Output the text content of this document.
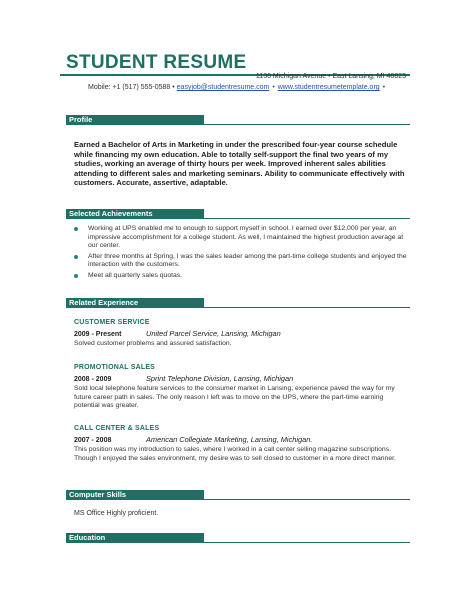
STUDENT RESUME
1136 Michigan Avenue • East Lansing, MI 48823
Mobile: +1 (517) 555-0588 • easyjob@studentresume.com • www.studentresumetemplate.org •
Profile
Earned a Bachelor of Arts in Marketing in under the prescribed four-year course schedule while financing my own education. Able to totally self-support the final two years of my studies, working an average of thirty hours per week. Improved inherent sales abilities attending to different sales and marketing seminars. Ability to communicate effectively with customers. Accurate, assertive, adaptable.
Selected Achievements
Working at UPS enabled me to enough to support myself in school. I earned over $12,000 per year, an impressive accomplishment for a college student. As well, I maintained the highest production average at our center.
After three months at Spring, I was the sales leader among the part-time college students and enjoyed the interaction with the customers.
Meet all quarterly sales quotas.
Related Experience
CUSTOMER SERVICE
2009 - Present	United Parcel Service, Lansing, Michigan
Solved customer problems and assured satisfaction.
PROMOTIONAL SALES
2008 - 2009	Sprint Telephone Division, Lansing, Michigan
Sold local telephone feature services to the consumer market in Lansing, experience paved the way for my future career path in sales. The only reason I left was to move on the UPS, where the part-time earning potential was greater.
CALL CENTER & SALES
2007 - 2008	American Collegiate Marketing, Lansing, Michigan.
This position was my introduction to sales, where I worked in a call center selling magazine subscriptions. Though I enjoyed the sales environment, my desire was to sell closed to customer in a more direct manner.
Computer Skills
MS Office Highly proficient.
Education
